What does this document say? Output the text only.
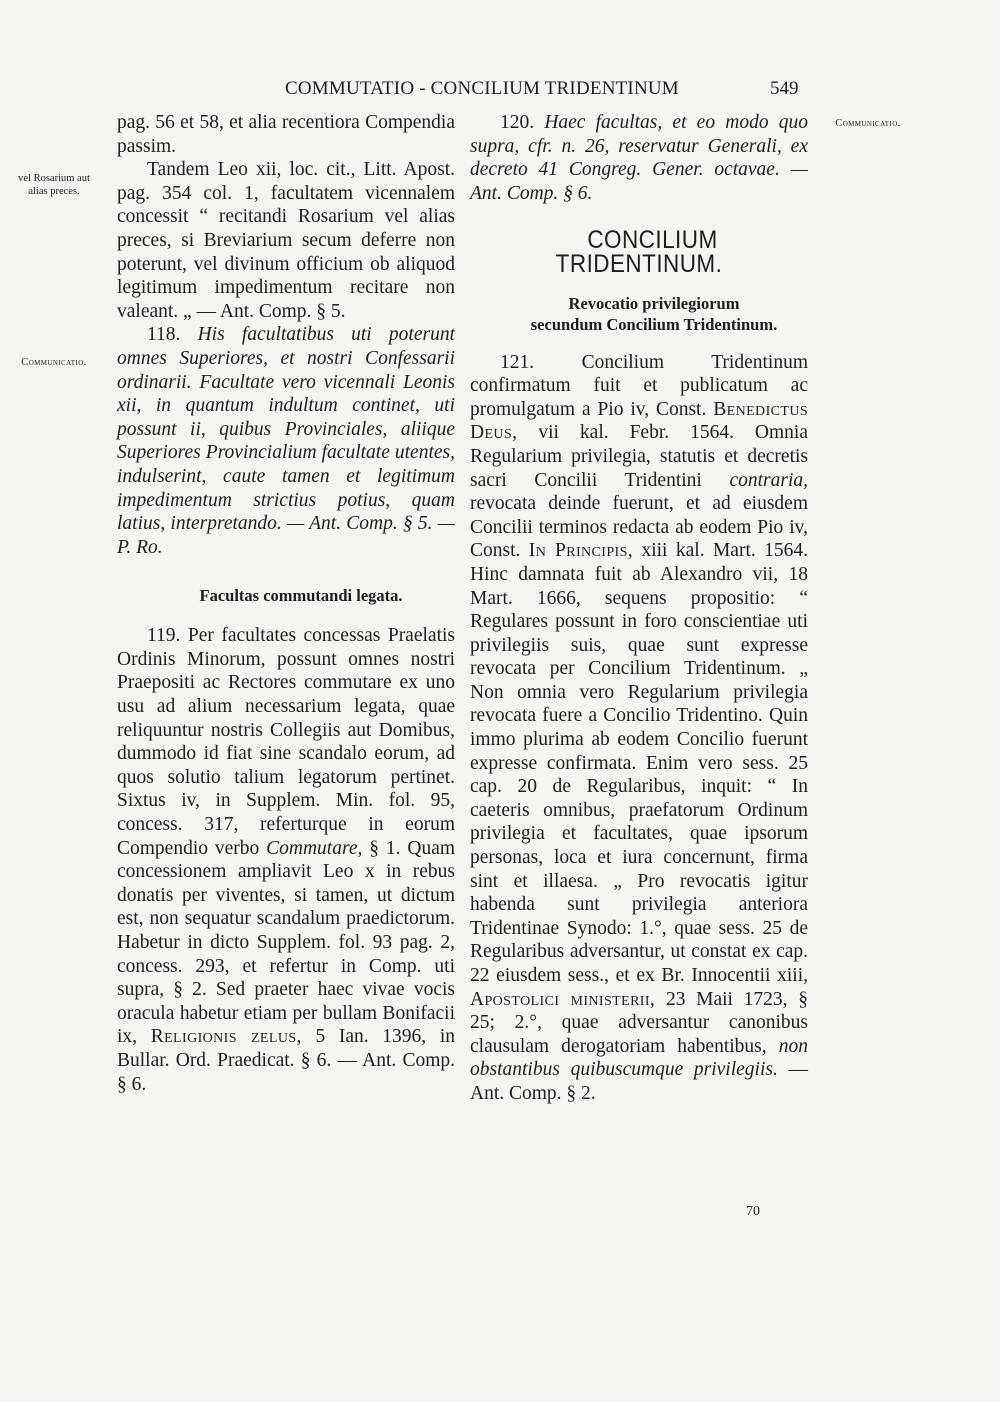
COMMUTATIO - CONCILIUM TRIDENTINUM	549
vel Rosarium aut alias preces.
Communicatio.
Communicatio.

pag. 56 et 58, et alia recentiora Compendia passim.

Tandem Leo xii, loc. cit., Litt. Apost. pag. 354 col. 1, facultatem vicennalem concessit “ recitandi Rosarium vel alias preces, si Breviarium secum deferre non poterunt, vel divinum officium ob aliquod legitimum impedimentum recitare non valeant. „ — Ant. Comp. § 5.

118. His facultatibus uti poterunt omnes Superiores, et nostri Confessarii ordinarii. Facultate vero vicennali Leonis xii, in quantum indultum continet, uti possunt ii, quibus Provinciales, aliique Superiores Provincialium facultate utentes, indulserint, caute tamen et legitimum impedimentum strictius potius, quam latius, interpretando. — Ant. Comp. § 5. — P. Ro.

Facultas commutandi legata.

119. Per facultates concessas Praelatis Ordinis Minorum, possunt omnes nostri Praepositi ac Rectores commutare ex uno usu ad alium necessarium legata, quae reliquuntur nostris Collegiis aut Domibus, dummodo id fiat sine scandalo eorum, ad quos solutio talium legatorum pertinet. Sixtus iv, in Supplem. Min. fol. 95, concess. 317, referturque in eorum Compendio verbo Commutare, § 1. Quam concessionem ampliavit Leo x in rebus donatis per viventes, si tamen, ut dictum est, non sequatur scandalum praedictorum. Habetur in dicto Supplem. fol. 93 pag. 2, concess. 293, et refertur in Comp. uti supra, § 2. Sed praeter haec vivae vocis oracula habetur etiam per bullam Bonifacii ix, Religionis zelus, 5 Ian. 1396, in Bullar. Ord. Praedicat. § 6. — Ant. Comp. § 6.

120. Haec facultas, et eo modo quo supra, cfr. n. 26, reservatur Generali, ex decreto 41 Congreg. Gener. octavae. — Ant. Comp. § 6.

CONCILIUM TRIDENTINUM.

Revocatio privilegiorum

secundum Concilium Tridentinum.

121. Concilium Tridentinum confirmatum fuit et publicatum ac promulgatum a Pio iv, Const. Benedictus Deus, vii kal. Febr. 1564. Omnia Regularium privilegia, statutis et decretis sacri Concilii Tridentini contraria, revocata deinde fuerunt, et ad eiusdem Concilii terminos redacta ab eodem Pio iv, Const. In Principis, xiii kal. Mart. 1564. Hinc damnata fuit ab Alexandro vii, 18 Mart. 1666, sequens propositio: “ Regulares possunt in foro conscientiae uti privilegiis suis, quae sunt expresse revocata per Concilium Tridentinum. „ Non omnia vero Regularium privilegia revocata fuere a Concilio Tridentino. Quin immo plurima ab eodem Concilio fuerunt expresse confirmata. Enim vero sess. 25 cap. 20 de Regularibus, inquit: “ In caeteris omnibus, praefatorum Ordinum privilegia et facultates, quae ipsorum personas, loca et iura concernunt, firma sint et illaesa. „ Pro revocatis igitur habenda sunt privilegia anteriora Tridentinae Synodo: 1.°, quae sess. 25 de Regularibus adversantur, ut constat ex cap. 22 eiusdem sess., et ex Br. Innocentii xiii, Apostolici ministerii, 23 Maii 1723, § 25; 2.°, quae adversantur canonibus clausulam derogatoriam habentibus, non obstantibus quibuscumque privilegiis. — Ant. Comp. § 2.

70
